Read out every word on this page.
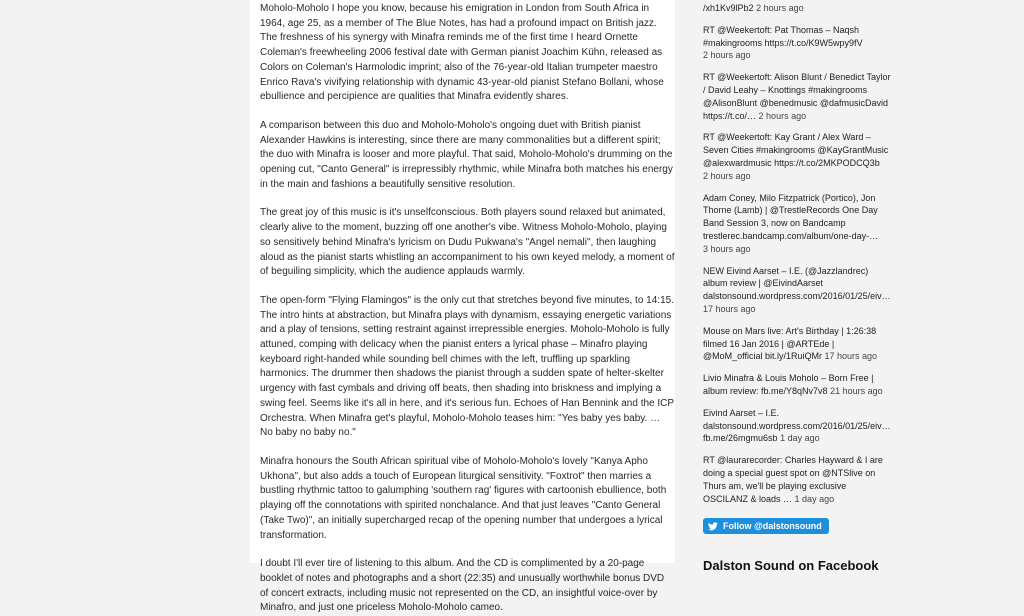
Moholo-Moholo I hope you know, because his emigration in London from South Africa in 1964, age 25, as a member of The Blue Notes, has had a profound impact on British jazz. The freshness of his synergy with Minafra reminds me of the first time I heard Ornette Coleman's freewheeling 2006 festival date with German pianist Joachim Kühn, released as Colors on Coleman's Harmolodic imprint; also of the 76-year-old Italian trumpeter maestro Enrico Rava's vivifying relationship with dynamic 43-year-old pianist Stefano Bollani, whose ebullience and percipience are qualities that Minafra evidently shares.

A comparison between this duo and Moholo-Moholo's ongoing duet with British pianist Alexander Hawkins is interesting, since there are many commonalities but a different spirit; the duo with Minafra is looser and more playful. That said, Moholo-Moholo's drumming on the opening cut, "Canto General" is irrepressibly rhythmic, while Minafra both matches his energy in the main and fashions a beautifully sensitive resolution.

The great joy of this music is it's unselfconscious. Both players sound relaxed but animated, clearly alive to the moment, buzzing off one another's vibe. Witness Moholo-Moholo, playing so sensitively behind Minafra's lyricism on Dudu Pukwana's "Angel nemali", then laughing aloud as the pianist starts whistling an accompaniment to his own keyed melody, a moment of of beguiling simplicity, which the audience applauds warmly.

The open-form "Flying Flamingos" is the only cut that stretches beyond five minutes, to 14:15. The intro hints at abstraction, but Minafra plays with dynamism, essaying energetic variations and a play of tensions, setting restraint against irrepressible energies. Moholo-Moholo is fully attuned, comping with delicacy when the pianist enters a lyrical phase – Minafro playing keyboard right-handed while sounding bell chimes with the left, truffling up sparkling harmonics. The drummer then shadows the pianist through a sudden spate of helter-skelter urgency with fast cymbals and driving off beats, then shading into briskness and implying a swing feel. Seems like it's all in here, and it's serious fun. Echoes of Han Bennink and the ICP Orchestra. When Minafra get's playful, Moholo-Moholo teases him: "Yes baby yes baby. … No baby no baby no."

Minafra honours the South African spiritual vibe of Moholo-Moholo's lovely "Kanya Apho Ukhona", but also adds a touch of European liturgical sensitivity. "Foxtrot" then marries a bustling rhythmic tattoo to galumphing 'southern rag' figures with cartoonish ebullience, both playing off the connotations with spirited nonchalance. And that just leaves "Canto General (Take Two)", an initially supercharged recap of the opening number that undergoes a lyrical transformation.

I doubt I'll ever tire of listening to this album. And the CD is complimented by a 20-page booklet of notes and photographs and a short (22:35) and unusually worthwhile bonus DVD of concert extracts, including music not represented on the CD, an insightful voice-over by Minafro, and just one priceless Moholo-Moholo cameo.

/xh1Kv9lPb2 2 hours ago
RT @Weekertoft: Pat Thomas – Naqsh #makingrooms https://t.co/K9W5wpy9fV
2 hours ago
RT @Weekertoft: Alison Blunt / Benedict Taylor / David Leahy – Knottings #makingrooms @AlisonBlunt @benedmusic @dafmusicDavid https://t.co/… 2 hours ago
RT @Weekertoft: Kay Grant / Alex Ward – Seven Cities #makingrooms @KayGrantMusic @alexwardmusic https://t.co/2MKPODCQ3b
2 hours ago
Adam Coney, Milo Fitzpatrick (Portico), Jon Thorne (Lamb) | @TrestleRecords One Day Band Session 3, now on Bandcamp trestlerec.bandcamp.com/album/one-day-…
3 hours ago
NEW Eivind Aarset – I.E. (@Jazzlandrec) album review | @EivindAarset dalstonsound.wordpress.com/2016/01/25/eiv… 17 hours ago
Mouse on Mars live: Art's Birthday | 1:26:38 filmed 16 Jan 2016 | @ARTEde | @MoM_official bit.ly/1RuiQMr 17 hours ago
Livio Minafra & Louis Moholo – Born Free | album review: fb.me/Y8qNv7v8 21 hours ago
Eivind Aarset – I.E. dalstonsound.wordpress.com/2016/01/25/eiv… fb.me/26mgmu6sb 1 day ago
RT @laurarecorder: Charles Hayward & I are doing a special guest spot on @NTSlive on Thurs am, we'll be playing exclusive OSCILANZ & loads … 1 day ago
Follow @dalstonsound
Dalston Sound on Facebook
